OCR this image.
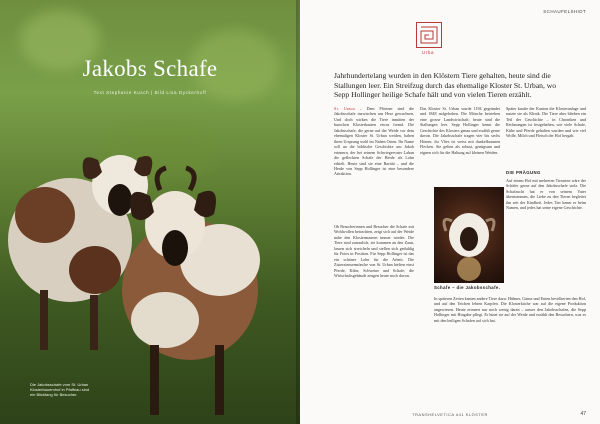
Jakobs Schafe
Text Stephanie Kusch | Bild Lisa Dyckerhoff
Die Jakobsschafe vom St. Urban Klosterbauernhof in Pfaffnau sind ein Blickfang für Besucher.
SCHAUFELSHIDT
Urba

Jahrhundertelang wurden in den Klöstern Tiere gehalten, heute sind die Stallungen leer. Ein Streifzug durch das ehemalige Kloster St. Urban, wo Sepp Hollinger heilige Schafe hält und von vielen Tieren erzählt.

St. Urban – Dem Pförtner sind die Jakobsschafe inzwischen ans Herz gewachsen. Und doch wirken die Tiere inmitten der barocken Klosterbauten etwas fremd. Die Jakobsschafe, die gerne auf der Weide vor dem ehemaligen Kloster St. Urban weiden, haben ihren Ursprung wohl im Nahen Osten. Ihr Name soll an die biblische Geschichte um Jakob erinnern, der bei seinem Schwiegervater Laban die gefleckten Schafe der Herde als Lohn erhielt. Heute sind sie eine Rarität – und die Herde von Sepp Hollinger ist eine besondere Attraktion.

Ob Besucherinnen und Besucher die Schafe mit Wohlwollen betrachten, zeigt sich auf der Weide nahe den Klostermauern immer wieder. Die Tiere sind zutraulich, sie kommen an den Zaun, lassen sich streicheln und stellen sich geduldig für Fotos in Position. Für Sepp Hollinger ist das ein schöner Lohn für die Arbeit. Die Zisterziensermönche von St. Urban hielten einst Pferde, Kühe, Schweine und Schafe; die Wirtschaftsgebäude zeugen heute noch davon.

Das Kloster St. Urban wurde 1194 gegründet und 1848 aufgehoben. Die Mönche betrieben eine grosse Landwirtschaft; heute sind die Stallungen leer. Sepp Hollinger kennt die Geschichte des Klosters genau und erzählt gerne davon. Die Jakobsschafe tragen vier bis sechs Hörner, ihr Vlies ist weiss mit dunkelbraunen Flecken. Sie gelten als robust, genügsam und eignen sich für die Haltung auf kleinen Weiden.

Schafe – die Jakobsschafe.

Später kaufte der Kanton die Klosteranlage und nutzte sie als Klinik. Die Tiere aber blieben ein Teil der Geschichte – in Chroniken und Rechnungen ist festgehalten, wie viele Schafe, Kühe und Pferde gehalten wurden und wie viel Wolle, Milch und Fleisch der Hof hergab.

DIE PRÄGUNG

Auf einem Hof mit mehreren Tierarten wäre der Schäfer gerne auf den Jakobsschafe stolz. Die Schafzucht hat er von seinem Vater übernommen, die Liebe zu den Tieren begleitet ihn seit der Kindheit. Jedes Tier kennt er beim Namen, und jedes hat seine eigene Geschichte.

In späteren Zeiten kamen andere Tiere dazu: Hühner, Gänse und Enten bevölkerten den Hof, und auf den Teichen lebten Karpfen. Die Klosterküche war auf die eigene Produktion angewiesen. Heute erinnert nur noch wenig daran – ausser den Jakobsschafen, die Sepp Hollinger mit Hingabe pflegt. Er hütet sie auf der Weide und erzählt den Besuchern, was es mit den heiligen Schafen auf sich hat.

TRANSHELVETICA #41 KLÖSTER	47
